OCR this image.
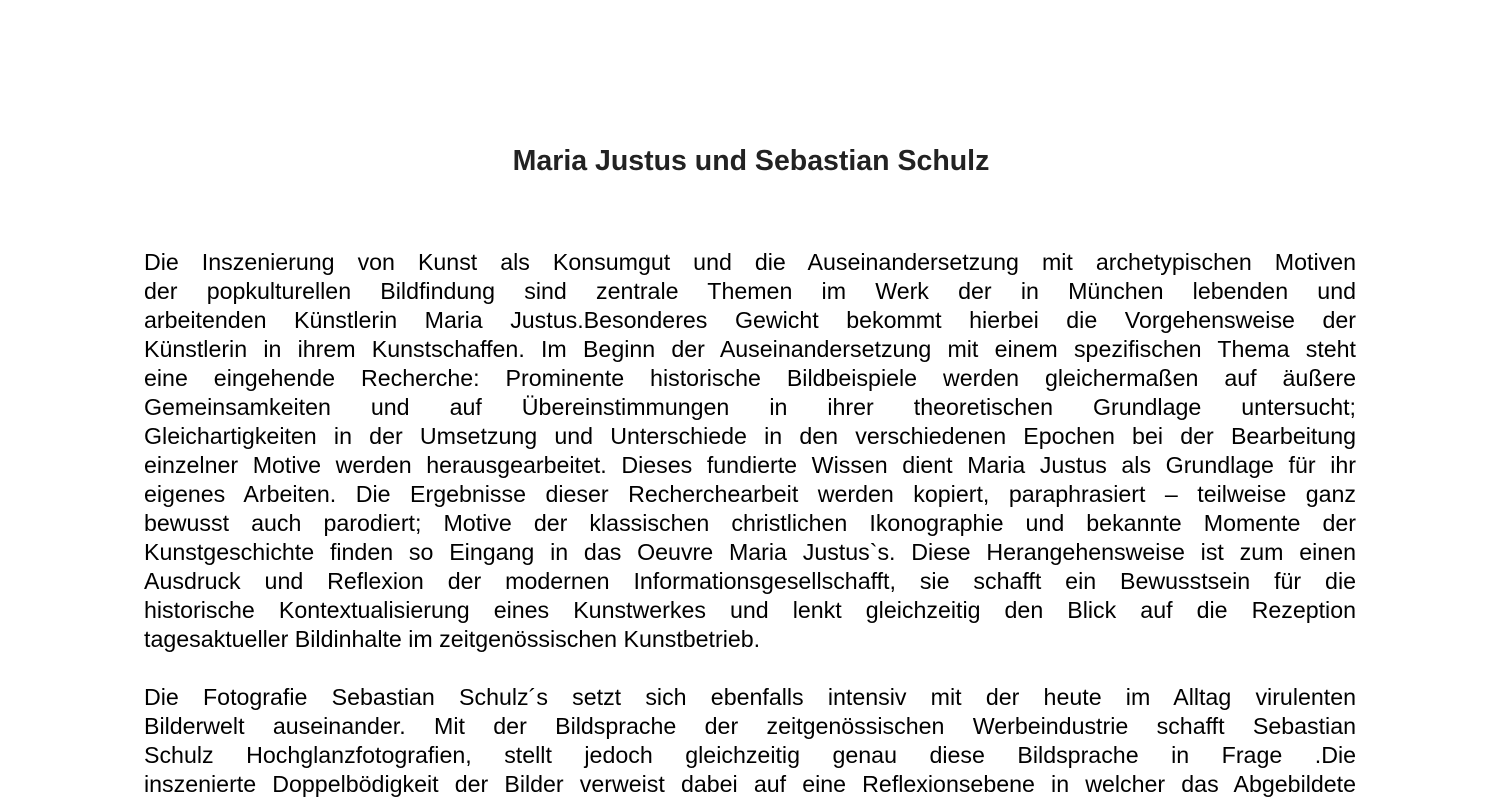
Maria Justus und Sebastian Schulz
Die Inszenierung von Kunst als Konsumgut und die Auseinandersetzung mit archetypischen Motiven
der popkulturellen Bildfindung sind zentrale Themen im Werk der in München lebenden und
arbeitenden Künstlerin Maria Justus.Besonderes Gewicht bekommt hierbei die Vorgehensweise der
Künstlerin in ihrem Kunstschaffen. Im Beginn der Auseinandersetzung mit einem spezifischen Thema steht
eine eingehende Recherche: Prominente historische Bildbeispiele werden gleichermaßen auf äußere
Gemeinsamkeiten und auf Übereinstimmungen in ihrer theoretischen Grundlage untersucht;
Gleichartigkeiten in der Umsetzung und Unterschiede in den verschiedenen Epochen bei der Bearbeitung
einzelner Motive werden herausgearbeitet. Dieses fundierte Wissen dient Maria Justus als Grundlage für ihr
eigenes Arbeiten. Die Ergebnisse dieser Recherchearbeit werden kopiert, paraphrasiert – teilweise ganz
bewusst auch parodiert; Motive der klassischen christlichen Ikonographie und bekannte Momente der
Kunstgeschichte finden so Eingang in das Oeuvre Maria Justus`s. Diese Herangehensweise ist zum einen
Ausdruck und Reflexion der modernen Informationsgesellschafft, sie schafft ein Bewusstsein für die
historische Kontextualisierung eines Kunstwerkes und lenkt gleichzeitig den Blick auf die Rezeption
tagesaktueller Bildinhalte im zeitgenössischen Kunstbetrieb.
Die Fotografie Sebastian Schulz´s setzt sich ebenfalls intensiv mit der heute im Alltag virulenten
Bilderwelt auseinander. Mit der Bildsprache der zeitgenössischen Werbeindustrie schafft Sebastian
Schulz Hochglanzfotografien, stellt jedoch gleichzeitig genau diese Bildsprache in Frage .Die
inszenierte Doppelbödigkeit der Bilder verweist dabei auf eine Reflexionsebene in welcher das Abgebildete
